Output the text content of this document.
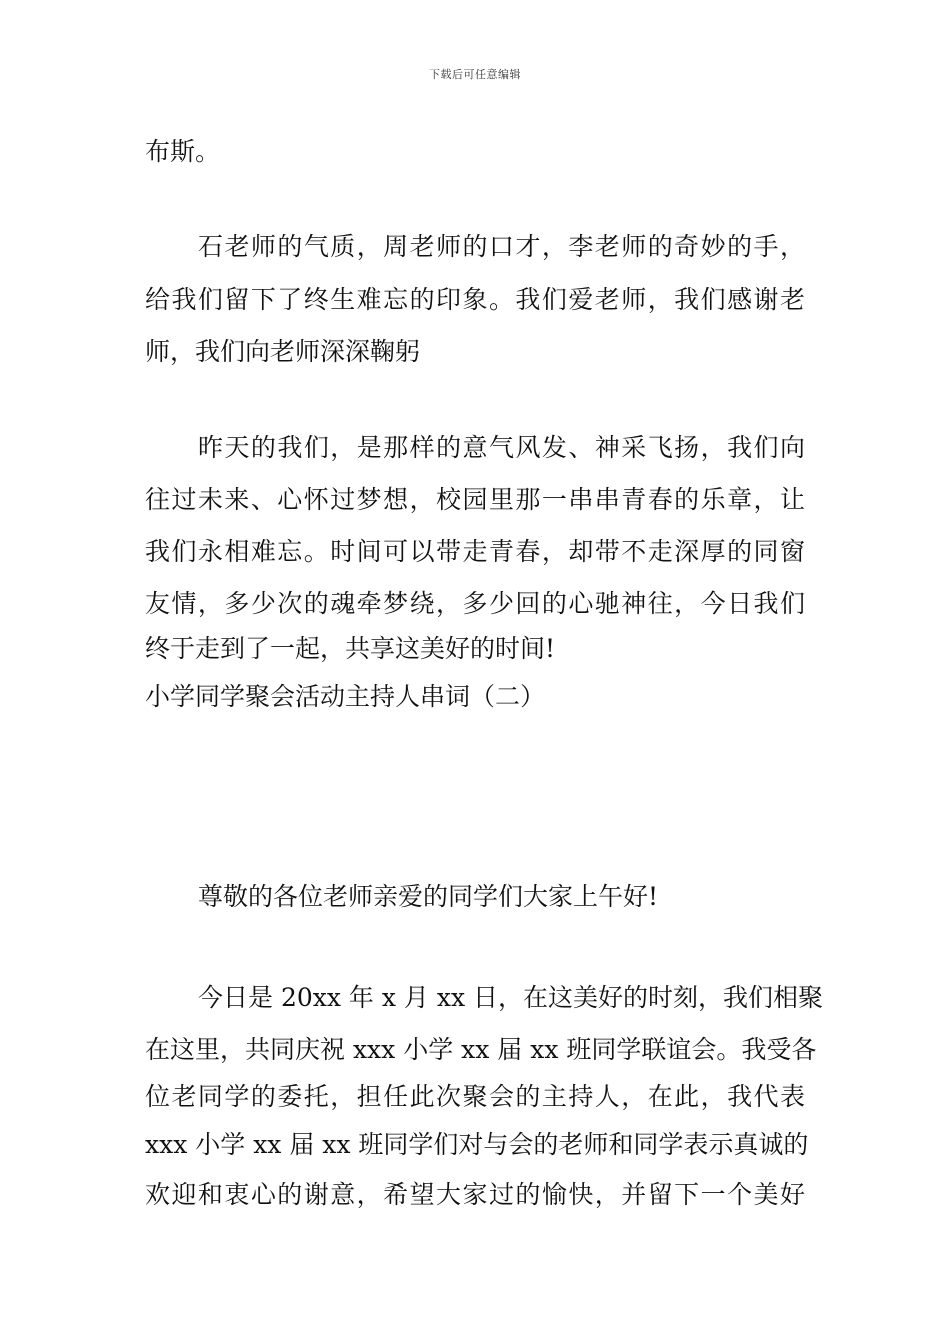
下载后可任意编辑
布斯。
石老师的气质，周老师的口才，李老师的奇妙的手，
给我们留下了终生难忘的印象。我们爱老师，我们感谢老
师，我们向老师深深鞠躬
昨天的我们，是那样的意气风发、神采飞扬，我们向
往过未来、心怀过梦想，校园里那一串串青春的乐章，让
我们永相难忘。时间可以带走青春，却带不走深厚的同窗
友情，多少次的魂牵梦绕，多少回的心驰神往，今日我们
终于走到了一起，共享这美好的时间!
小学同学聚会活动主持人串词（二）
尊敬的各位老师亲爱的同学们大家上午好!
今日是 20xx 年 x 月 xx 日，在这美好的时刻，我们相聚
在这里，共同庆祝 xxx 小学 xx 届 xx 班同学联谊会。我受各
位老同学的委托，担任此次聚会的主持人，在此，我代表
xxx 小学 xx 届 xx 班同学们对与会的老师和同学表示真诚的
欢迎和衷心的谢意，希望大家过的愉快，并留下一个美好
